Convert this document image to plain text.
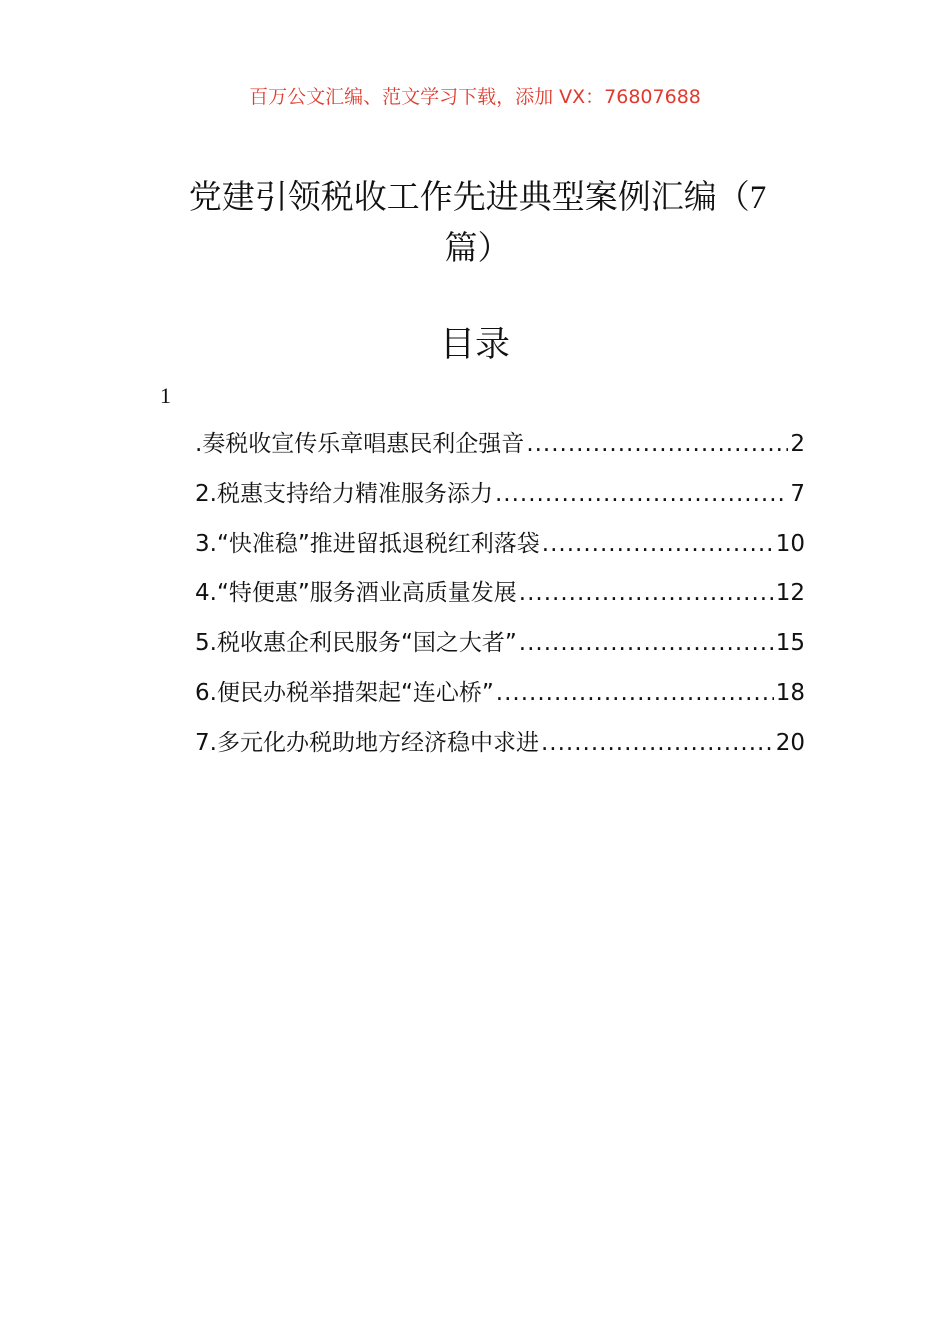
百万公文汇编、范文学习下载，添加 VX：76807688
党建引领税收工作先进典型案例汇编（7
篇）
目录
1
.奏税收宣传乐章唱惠民利企强音 .....	2
2.税惠支持给力精准服务添力 .....	7
3.“快准稳”推进留抵退税红利落袋 .....	10
4.“特便惠”服务酒业高质量发展 .....	12
5.税收惠企利民服务“国之大者” .....	15
6.便民办税举措架起“连心桥” .....	18
7.多元化办税助地方经济稳中求进 .....	20
